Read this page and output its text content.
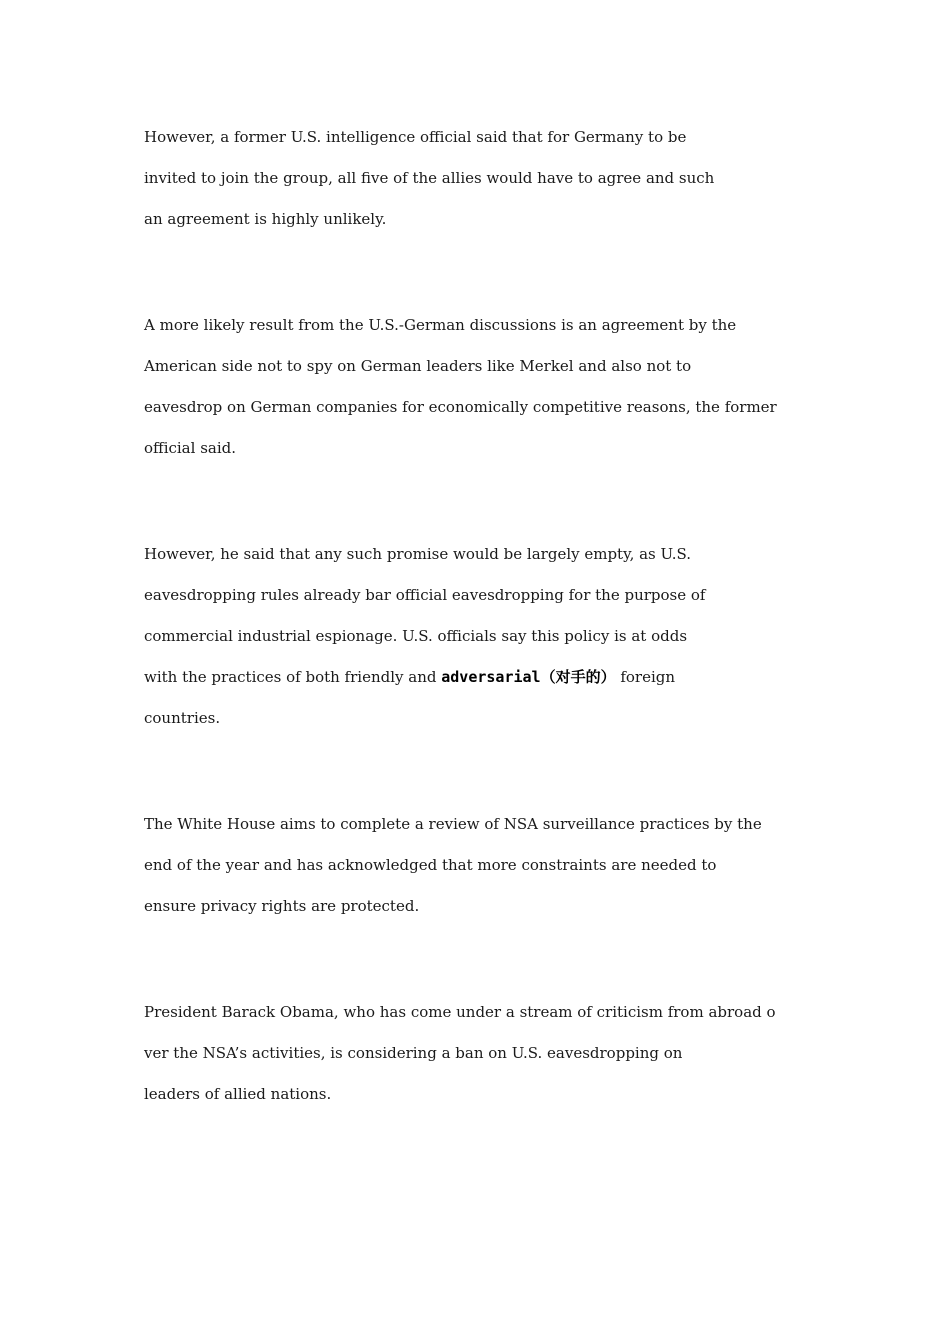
However, a former U.S. intelligence official said that for Germany to be
invited to join the group, all five of the allies would have to agree and such
an agreement is highly unlikely.
A more likely result from the U.S.-German discussions is an agreement by the
American side not to spy on German leaders like Merkel and also not to
eavesdrop on German companies for economically competitive reasons, the former
official said.
However, he said that any such promise would be largely empty, as U.S.
eavesdropping rules already bar official eavesdropping for the purpose of
commercial industrial espionage. U.S. officials say this policy is at odds
with the practices of both friendly and adversarial（对手的） foreign
countries.
The White House aims to complete a review of NSA surveillance practices by the
end of the year and has acknowledged that more constraints are needed to
ensure privacy rights are protected.
President Barack Obama, who has come under a stream of criticism from abroad o
ver the NSA’s activities, is considering a ban on U.S. eavesdropping on
leaders of allied nations.
